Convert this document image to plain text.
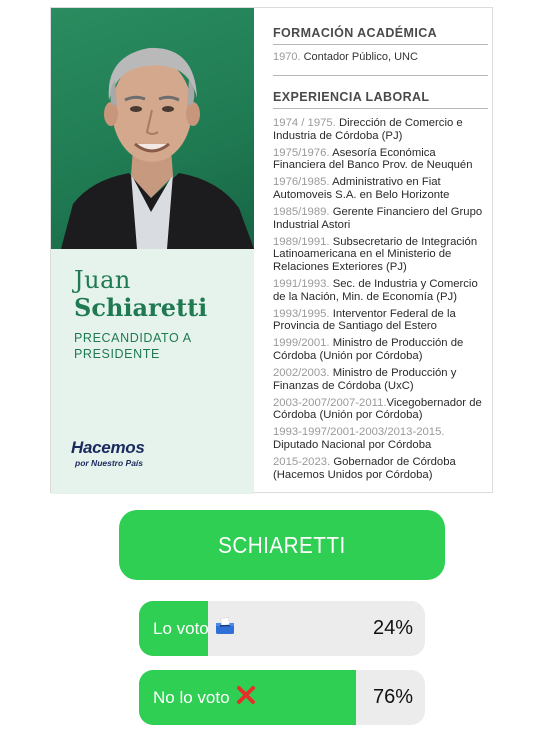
Juan
Schiaretti
PRECANDIDATO A PRESIDENTE
Hacemos
por Nuestro País
FORMACIÓN ACADÉMICA
1970. Contador Público, UNC
EXPERIENCIA LABORAL
1974 / 1975. Dirección de Comercio e Industria de Córdoba (PJ)
1975/1976. Asesoría Económica Financiera del Banco Prov. de Neuquén
1976/1985. Administrativo en Fiat Automoveis S.A. en Belo Horizonte
1985/1989. Gerente Financiero del Grupo Industrial Astori
1989/1991. Subsecretario de Integración Latinoamericana en el Ministerio de Relaciones Exteriores (PJ)
1991/1993. Sec. de Industria y Comercio de la Nación, Min. de Economía (PJ)
1993/1995. Interventor Federal de la Provincia de Santiago del Estero
1999/2001. Ministro de Producción de Córdoba (Unión por Córdoba)
2002/2003. Ministro de Producción y Finanzas de Córdoba (UxC)
2003-2007/2007-2011.Vicegobernador de Córdoba (Unión por Córdoba)
1993-1997/2001-2003/2013-2015. Diputado Nacional por Córdoba
2015-2023. Gobernador de Córdoba (Hacemos Unidos por Córdoba)
SCHIARETTI
Lo voto	24%
No lo voto	76%
